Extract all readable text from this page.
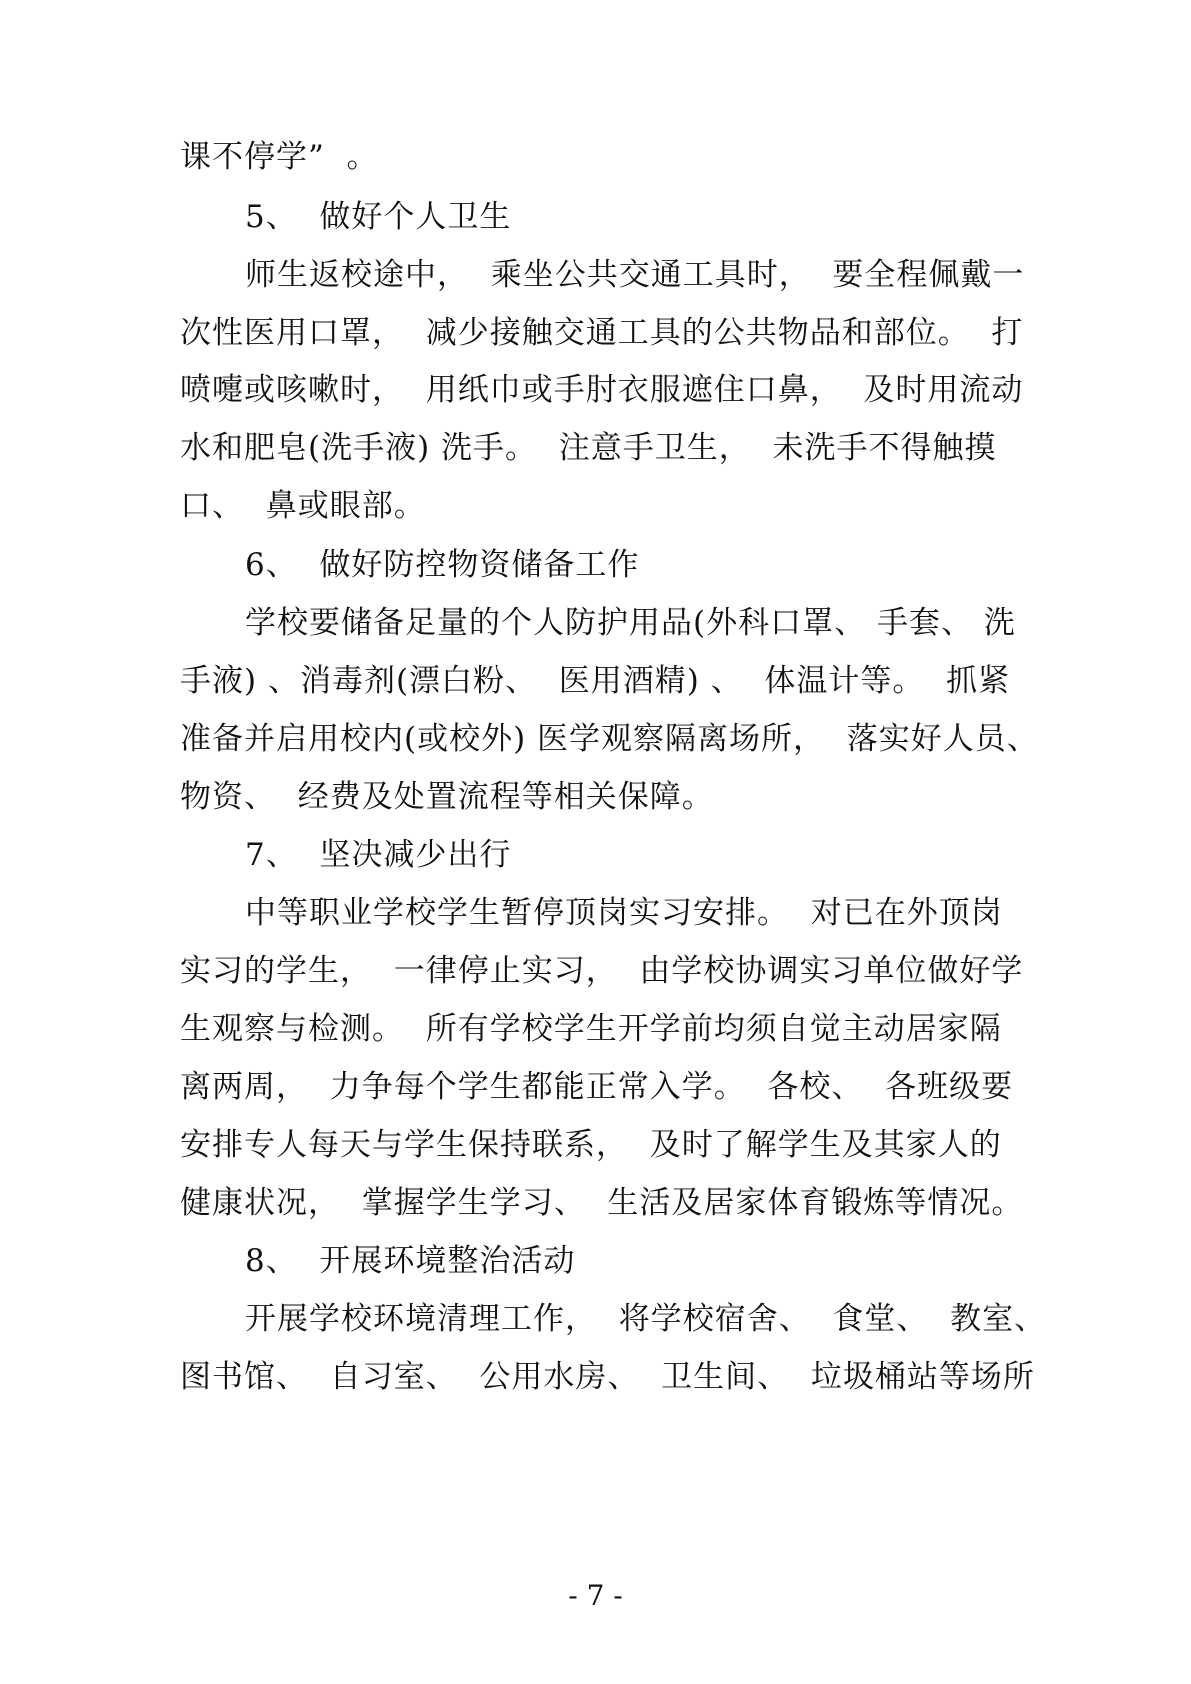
课不停学”  。
5、  做好个人卫生
师生返校途中，  乘坐公共交通工具时，  要全程佩戴一
次性医用口罩，  减少接触交通工具的公共物品和部位。  打
喷嚏或咳嗽时，  用纸巾或手肘衣服遮住口鼻，  及时用流动
水和肥皂(洗手液) 洗手。  注意手卫生，  未洗手不得触摸
口、  鼻或眼部。
6、  做好防控物资储备工作
学校要储备足量的个人防护用品(外科口罩、 手套、 洗
手液) 、消毒剂(漂白粉、  医用酒精) 、  体温计等。  抓紧
准备并启用校内(或校外) 医学观察隔离场所，  落实好人员、
物资、  经费及处置流程等相关保障。
7、  坚决减少出行
中等职业学校学生暂停顶岗实习安排。  对已在外顶岗
实习的学生，  一律停止实习，  由学校协调实习单位做好学
生观察与检测。  所有学校学生开学前均须自觉主动居家隔
离两周，  力争每个学生都能正常入学。  各校、  各班级要
安排专人每天与学生保持联系，  及时了解学生及其家人的
健康状况，  掌握学生学习、  生活及居家体育锻炼等情况。
8、  开展环境整治活动
开展学校环境清理工作，  将学校宿舍、  食堂、  教室、
图书馆、  自习室、  公用水房、  卫生间、  垃圾桶站等场所
- 7 -
